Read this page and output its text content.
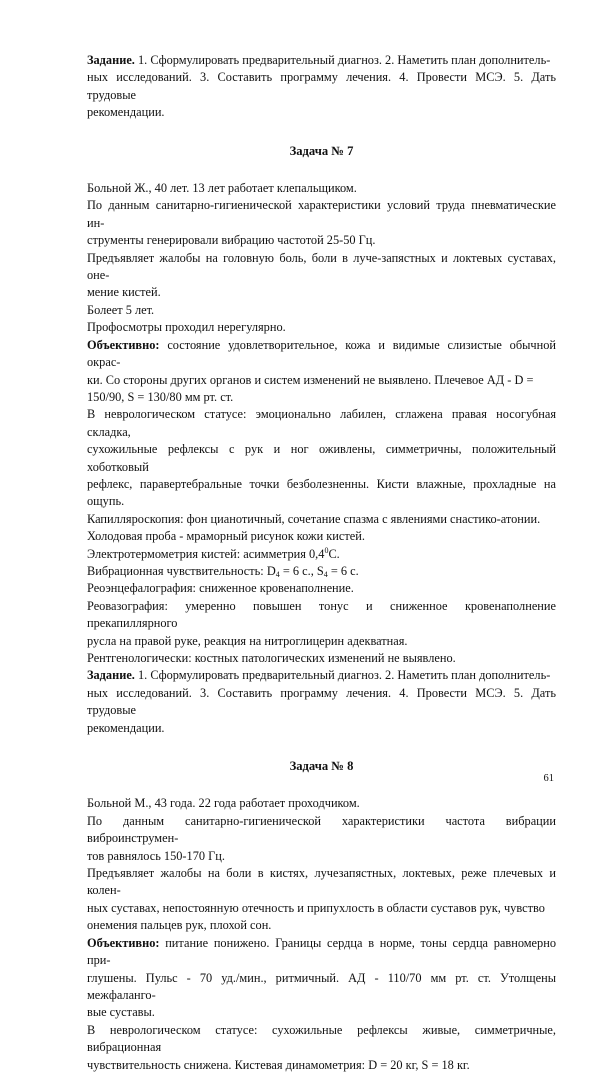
Задание. 1. Сформулировать предварительный диагноз. 2. Наметить план дополнитель-

ных исследований. 3. Составить программу лечения. 4. Провести МСЭ. 5. Дать трудовые

рекомендации.

Задача № 7

Больной Ж., 40 лет. 13 лет работает клепальщиком.

По данным санитарно-гигиенической характеристики условий труда пневматические ин-

струменты генерировали вибрацию частотой 25-50 Гц.

Предъявляет жалобы на головную боль, боли в луче-запястных и локтевых суставах, оне-

мение кистей.

Болеет 5 лет.

Профосмотры проходил нерегулярно.

Объективно: состояние удовлетворительное, кожа и видимые слизистые обычной окрас-

ки. Со стороны других органов и систем изменений не выявлено. Плечевое АД - D =

150/90, S = 130/80 мм рт. ст.

В неврологическом статусе: эмоционально лабилен, сглажена правая носогубная складка,

сухожильные рефлексы с рук и ног оживлены, симметричны, положительный хоботковый

рефлекс, паравертебральные точки безболезненны. Кисти влажные, прохладные на ощупь.

Капилляроскопия: фон цианотичный, сочетание спазма с явлениями снастико-атонии.

Холодовая проба - мраморный рисунок кожи кистей.

Электротермометрия кистей: асимметрия $0,4^0С$.

Вибрационная чувствительность: $D_4 = 6$ с., $S_4 = 6$ с.

Реоэнцефалография: сниженное кровенаполнение.

Реовазография: умеренно повышен тонус и сниженное кровенаполнение прекапиллярного

русла на правой руке, реакция на нитроглицерин адекватная.

Рентгенологически: костных патологических изменений не выявлено.

Задание. 1. Сформулировать предварительный диагноз. 2. Наметить план дополнитель-

ных исследований. 3. Составить программу лечения. 4. Провести МСЭ. 5. Дать трудовые

рекомендации.

Задача № 8

Больной М., 43 года. 22 года работает проходчиком.

По данным санитарно-гигиенической характеристики частота вибрации виброинструмен-

тов равнялось 150-170 Гц.

Предъявляет жалобы на боли в кистях, лучезапястных, локтевых, реже плечевых и колен-

ных суставах, непостоянную отечность и припухлость в области суставов рук, чувство

онемения пальцев рук, плохой сон.

Объективно: питание понижено. Границы сердца в норме, тоны сердца равномерно при-

глушены. Пульс - 70 уд./мин., ритмичный. АД - 110/70 мм рт. ст. Утолщены межфаланго-

вые суставы.

В неврологическом статусе: сухожильные рефлексы живые, симметричные, вибрационная

чувствительность снижена. Кистевая динамометрия: D = 20 кг, S = 18 кг.

61
